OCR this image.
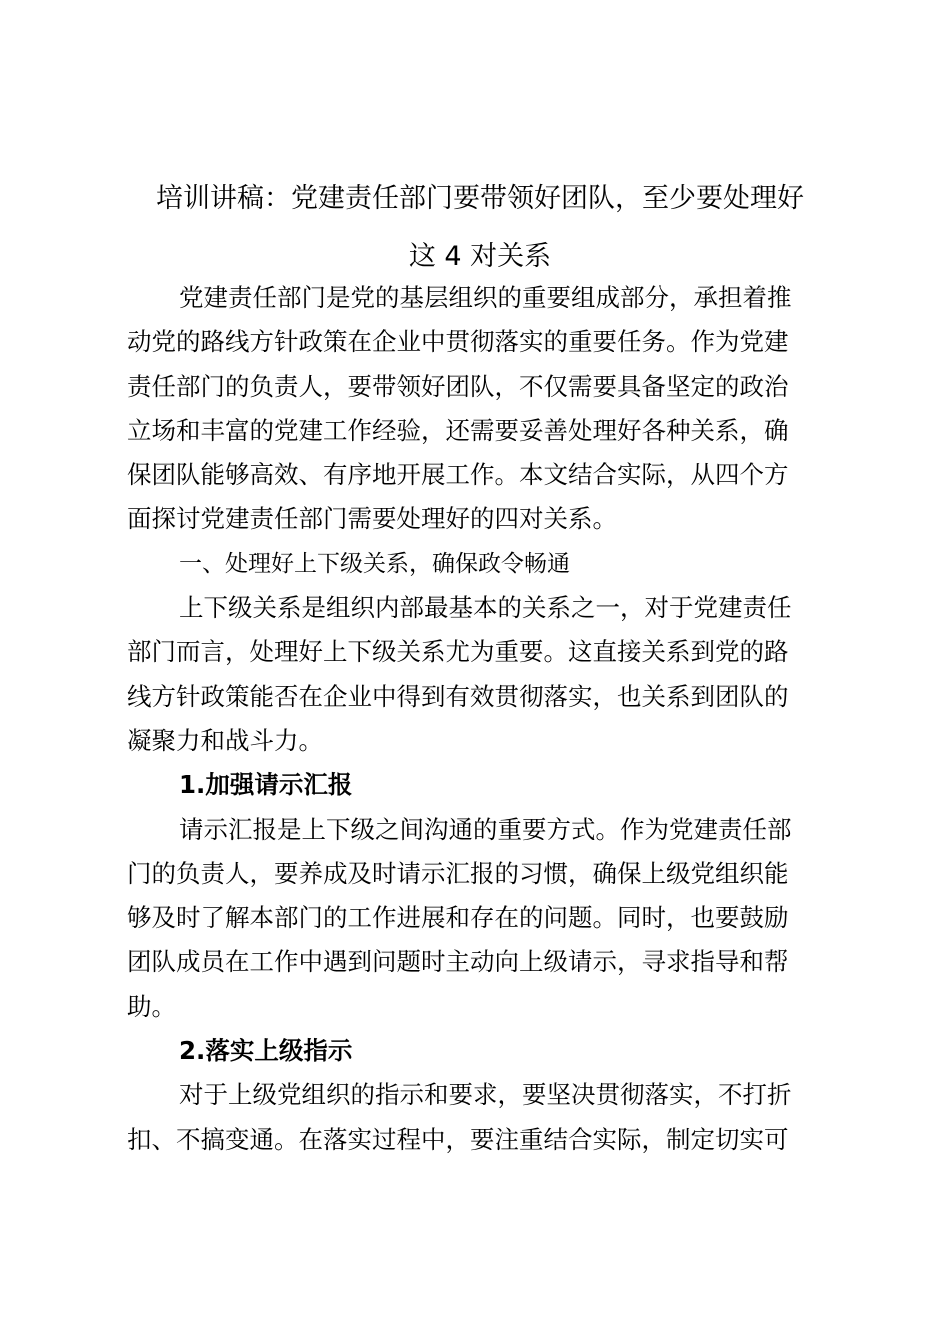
培训讲稿：党建责任部门要带领好团队，至少要处理好
这 4 对关系
党建责任部门是党的基层组织的重要组成部分，承担着推
动党的路线方针政策在企业中贯彻落实的重要任务。作为党建
责任部门的负责人，要带领好团队，不仅需要具备坚定的政治
立场和丰富的党建工作经验，还需要妥善处理好各种关系，确
保团队能够高效、有序地开展工作。本文结合实际，从四个方
面探讨党建责任部门需要处理好的四对关系。
一、处理好上下级关系，确保政令畅通
上下级关系是组织内部最基本的关系之一，对于党建责任
部门而言，处理好上下级关系尤为重要。这直接关系到党的路
线方针政策能否在企业中得到有效贯彻落实，也关系到团队的
凝聚力和战斗力。
1.加强请示汇报
请示汇报是上下级之间沟通的重要方式。作为党建责任部
门的负责人，要养成及时请示汇报的习惯，确保上级党组织能
够及时了解本部门的工作进展和存在的问题。同时，也要鼓励
团队成员在工作中遇到问题时主动向上级请示，寻求指导和帮
助。
2.落实上级指示
对于上级党组织的指示和要求，要坚决贯彻落实，不打折
扣、不搞变通。在落实过程中，要注重结合实际，制定切实可
